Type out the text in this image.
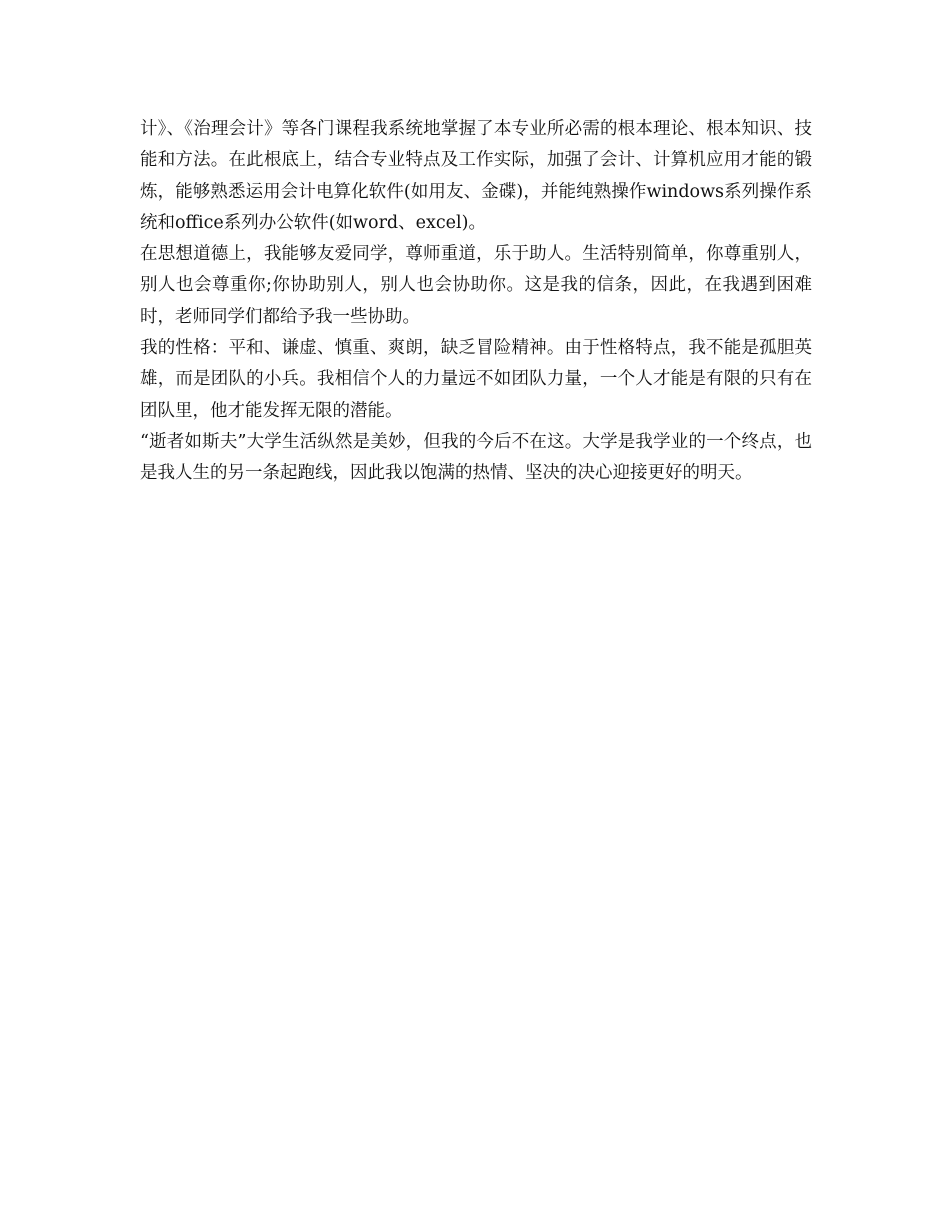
计》、《治理会计》等各门课程我系统地掌握了本专业所必需的根本理论、根本知识、技能和方法。在此根底上，结合专业特点及工作实际，加强了会计、计算机应用才能的锻炼，能够熟悉运用会计电算化软件(如用友、金碟)，并能纯熟操作windows系列操作系统和office系列办公软件(如word、excel)。

在思想道德上，我能够友爱同学，尊师重道，乐于助人。生活特别简单，你尊重别人，别人也会尊重你;你协助别人，别人也会协助你。这是我的信条，因此，在我遇到困难时，老师同学们都给予我一些协助。

我的性格：平和、谦虚、慎重、爽朗，缺乏冒险精神。由于性格特点，我不能是孤胆英雄，而是团队的小兵。我相信个人的力量远不如团队力量，一个人才能是有限的只有在团队里，他才能发挥无限的潜能。

“逝者如斯夫”大学生活纵然是美妙，但我的今后不在这。大学是我学业的一个终点，也是我人生的另一条起跑线，因此我以饱满的热情、坚决的决心迎接更好的明天。
